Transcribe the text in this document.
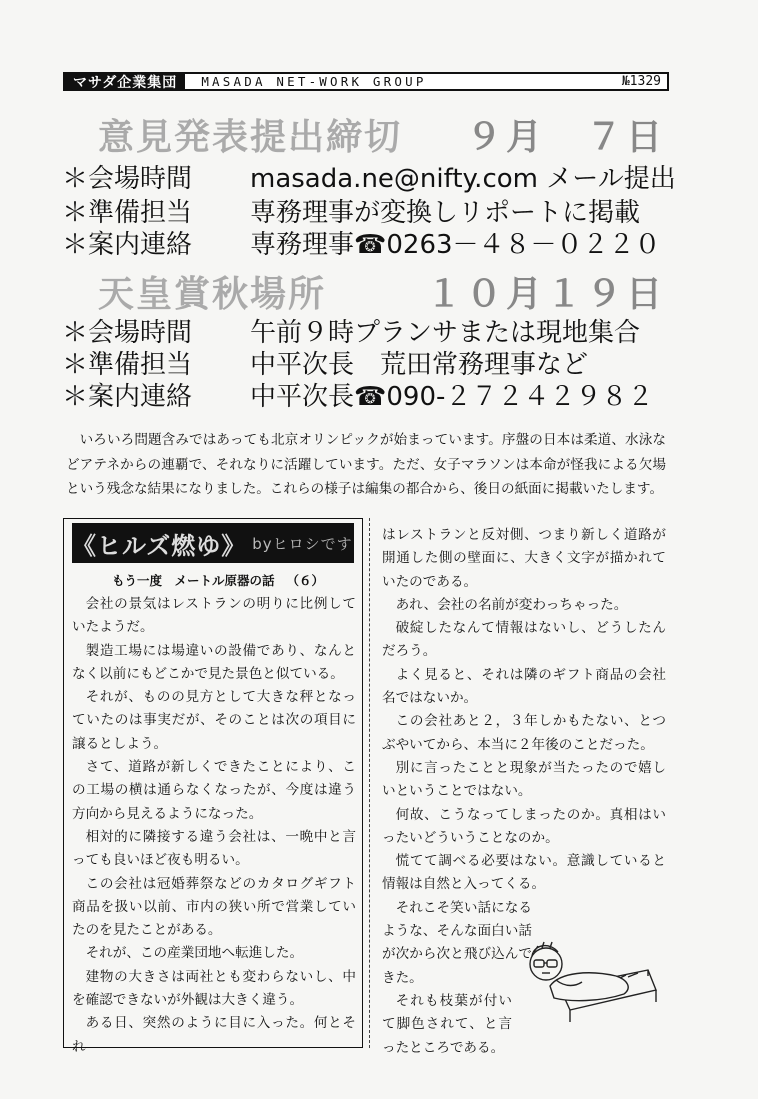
マサダ企業集団	MASADA NET-WORK GROUP	№1329
意見発表提出締切 ９月　７日
＊会場時間 masada.ne@nifty.com メール提出
＊準備担当 専務理事が変換しリポートに掲載
＊案内連絡 専務理事☎0263－４８－０２２０
天皇賞秋場所	１０月１９日
＊会場時間 午前９時プランサまたは現地集合
＊準備担当 中平次長　荒田常務理事など
＊案内連絡 中平次長☎090-２７２４２９８２

いろいろ問題含みではあっても北京オリンピックが始まっています。序盤の日本は柔道、水泳などアテネからの連覇で、それなりに活躍しています。ただ、女子マラソンは本命が怪我による欠場という残念な結果になりました。これらの様子は編集の都合から、後日の紙面に掲載いたします。

《ヒルズ燃ゆ》 byヒロシです
もう一度　メートル原器の話 （６）

会社の景気はレストランの明りに比例していたようだ。

製造工場には場違いの設備であり、なんとなく以前にもどこかで見た景色と似ている。

それが、ものの見方として大きな秤となっていたのは事実だが、そのことは次の項目に譲るとしよう。

さて、道路が新しくできたことにより、この工場の横は通らなくなったが、今度は違う方向から見えるようになった。

相対的に隣接する違う会社は、一晩中と言っても良いほど夜も明るい。

この会社は冠婚葬祭などのカタログギフト商品を扱い以前、市内の狭い所で営業していたのを見たことがある。

それが、この産業団地へ転進した。

建物の大きさは両社とも変わらないし、中を確認できないが外観は大きく違う。

ある日、突然のように目に入った。何とそれ

はレストランと反対側、つまり新しく道路が開通した側の壁面に、大きく文字が描かれていたのである。

あれ、会社の名前が変わっちゃった。

破綻したなんて情報はないし、どうしたんだろう。

よく見ると、それは隣のギフト商品の会社名ではないか。

この会社あと２，３年しかもたない、とつぶやいてから、本当に２年後のことだった。

別に言ったことと現象が当たったので嬉しいということではない。

何故、こうなってしまったのか。真相はいったいどういうことなのか。

慌てて調べる必要はない。意識していると情報は自然と入ってくる。

それこそ笑い話になるような、そんな面白い話が次から次と飛び込んできた。

それも枝葉が付いて脚色されて、と言ったところである。
